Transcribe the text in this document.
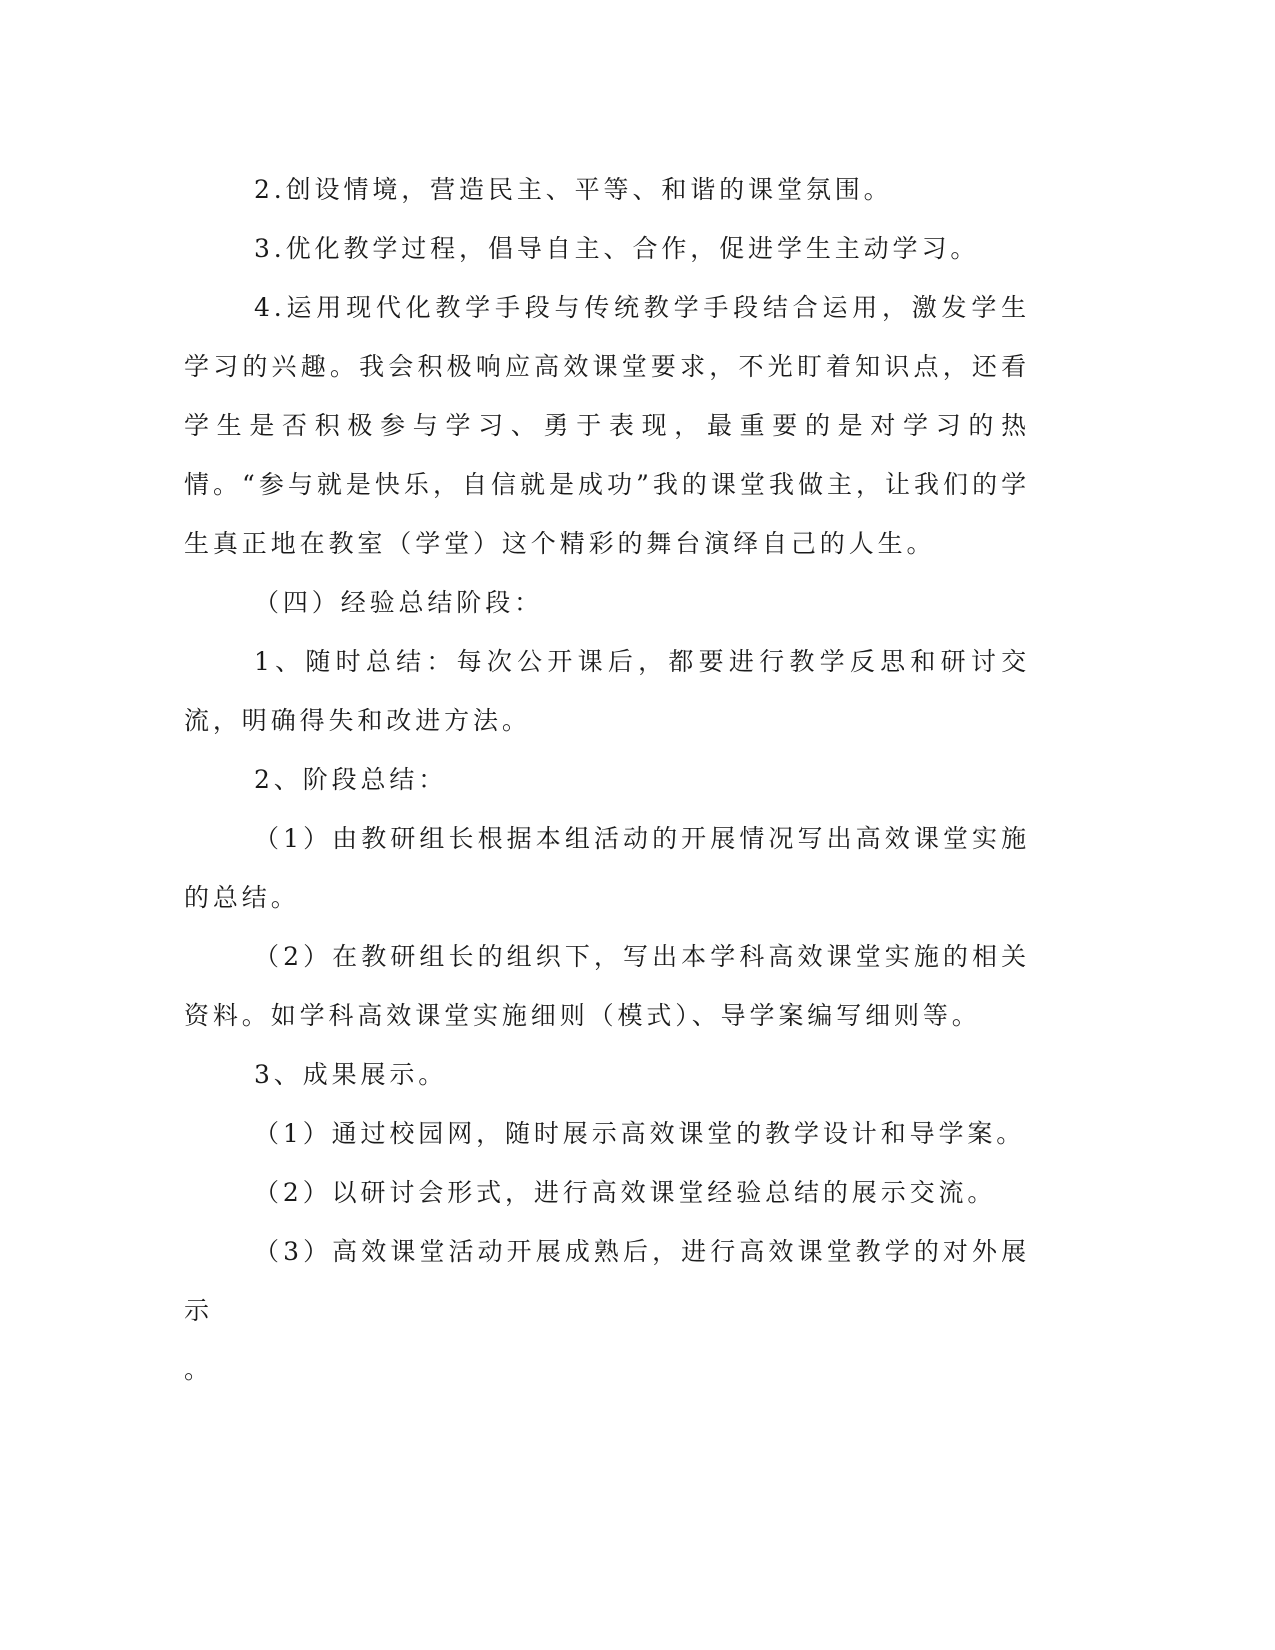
2.创设情境，营造民主、平等、和谐的课堂氛围。

3.优化教学过程，倡导自主、合作，促进学生主动学习。

4.运用现代化教学手段与传统教学手段结合运用，激发学生学习的兴趣。我会积极响应高效课堂要求，不光盯着知识点，还看学生是否积极参与学习、勇于表现，最重要的是对学习的热情。“参与就是快乐，自信就是成功”我的课堂我做主，让我们的学生真正地在教室（学堂）这个精彩的舞台演绎自己的人生。

（四）经验总结阶段：

1、随时总结：每次公开课后，都要进行教学反思和研讨交流，明确得失和改进方法。

2、阶段总结：

（1）由教研组长根据本组活动的开展情况写出高效课堂实施的总结。

（2）在教研组长的组织下，写出本学科高效课堂实施的相关资料。如学科高效课堂实施细则（模式）、导学案编写细则等。

3、成果展示。

（1）通过校园网，随时展示高效课堂的教学设计和导学案。

（2）以研讨会形式，进行高效课堂经验总结的展示交流。

（3）高效课堂活动开展成熟后，进行高效课堂教学的对外展示

。
